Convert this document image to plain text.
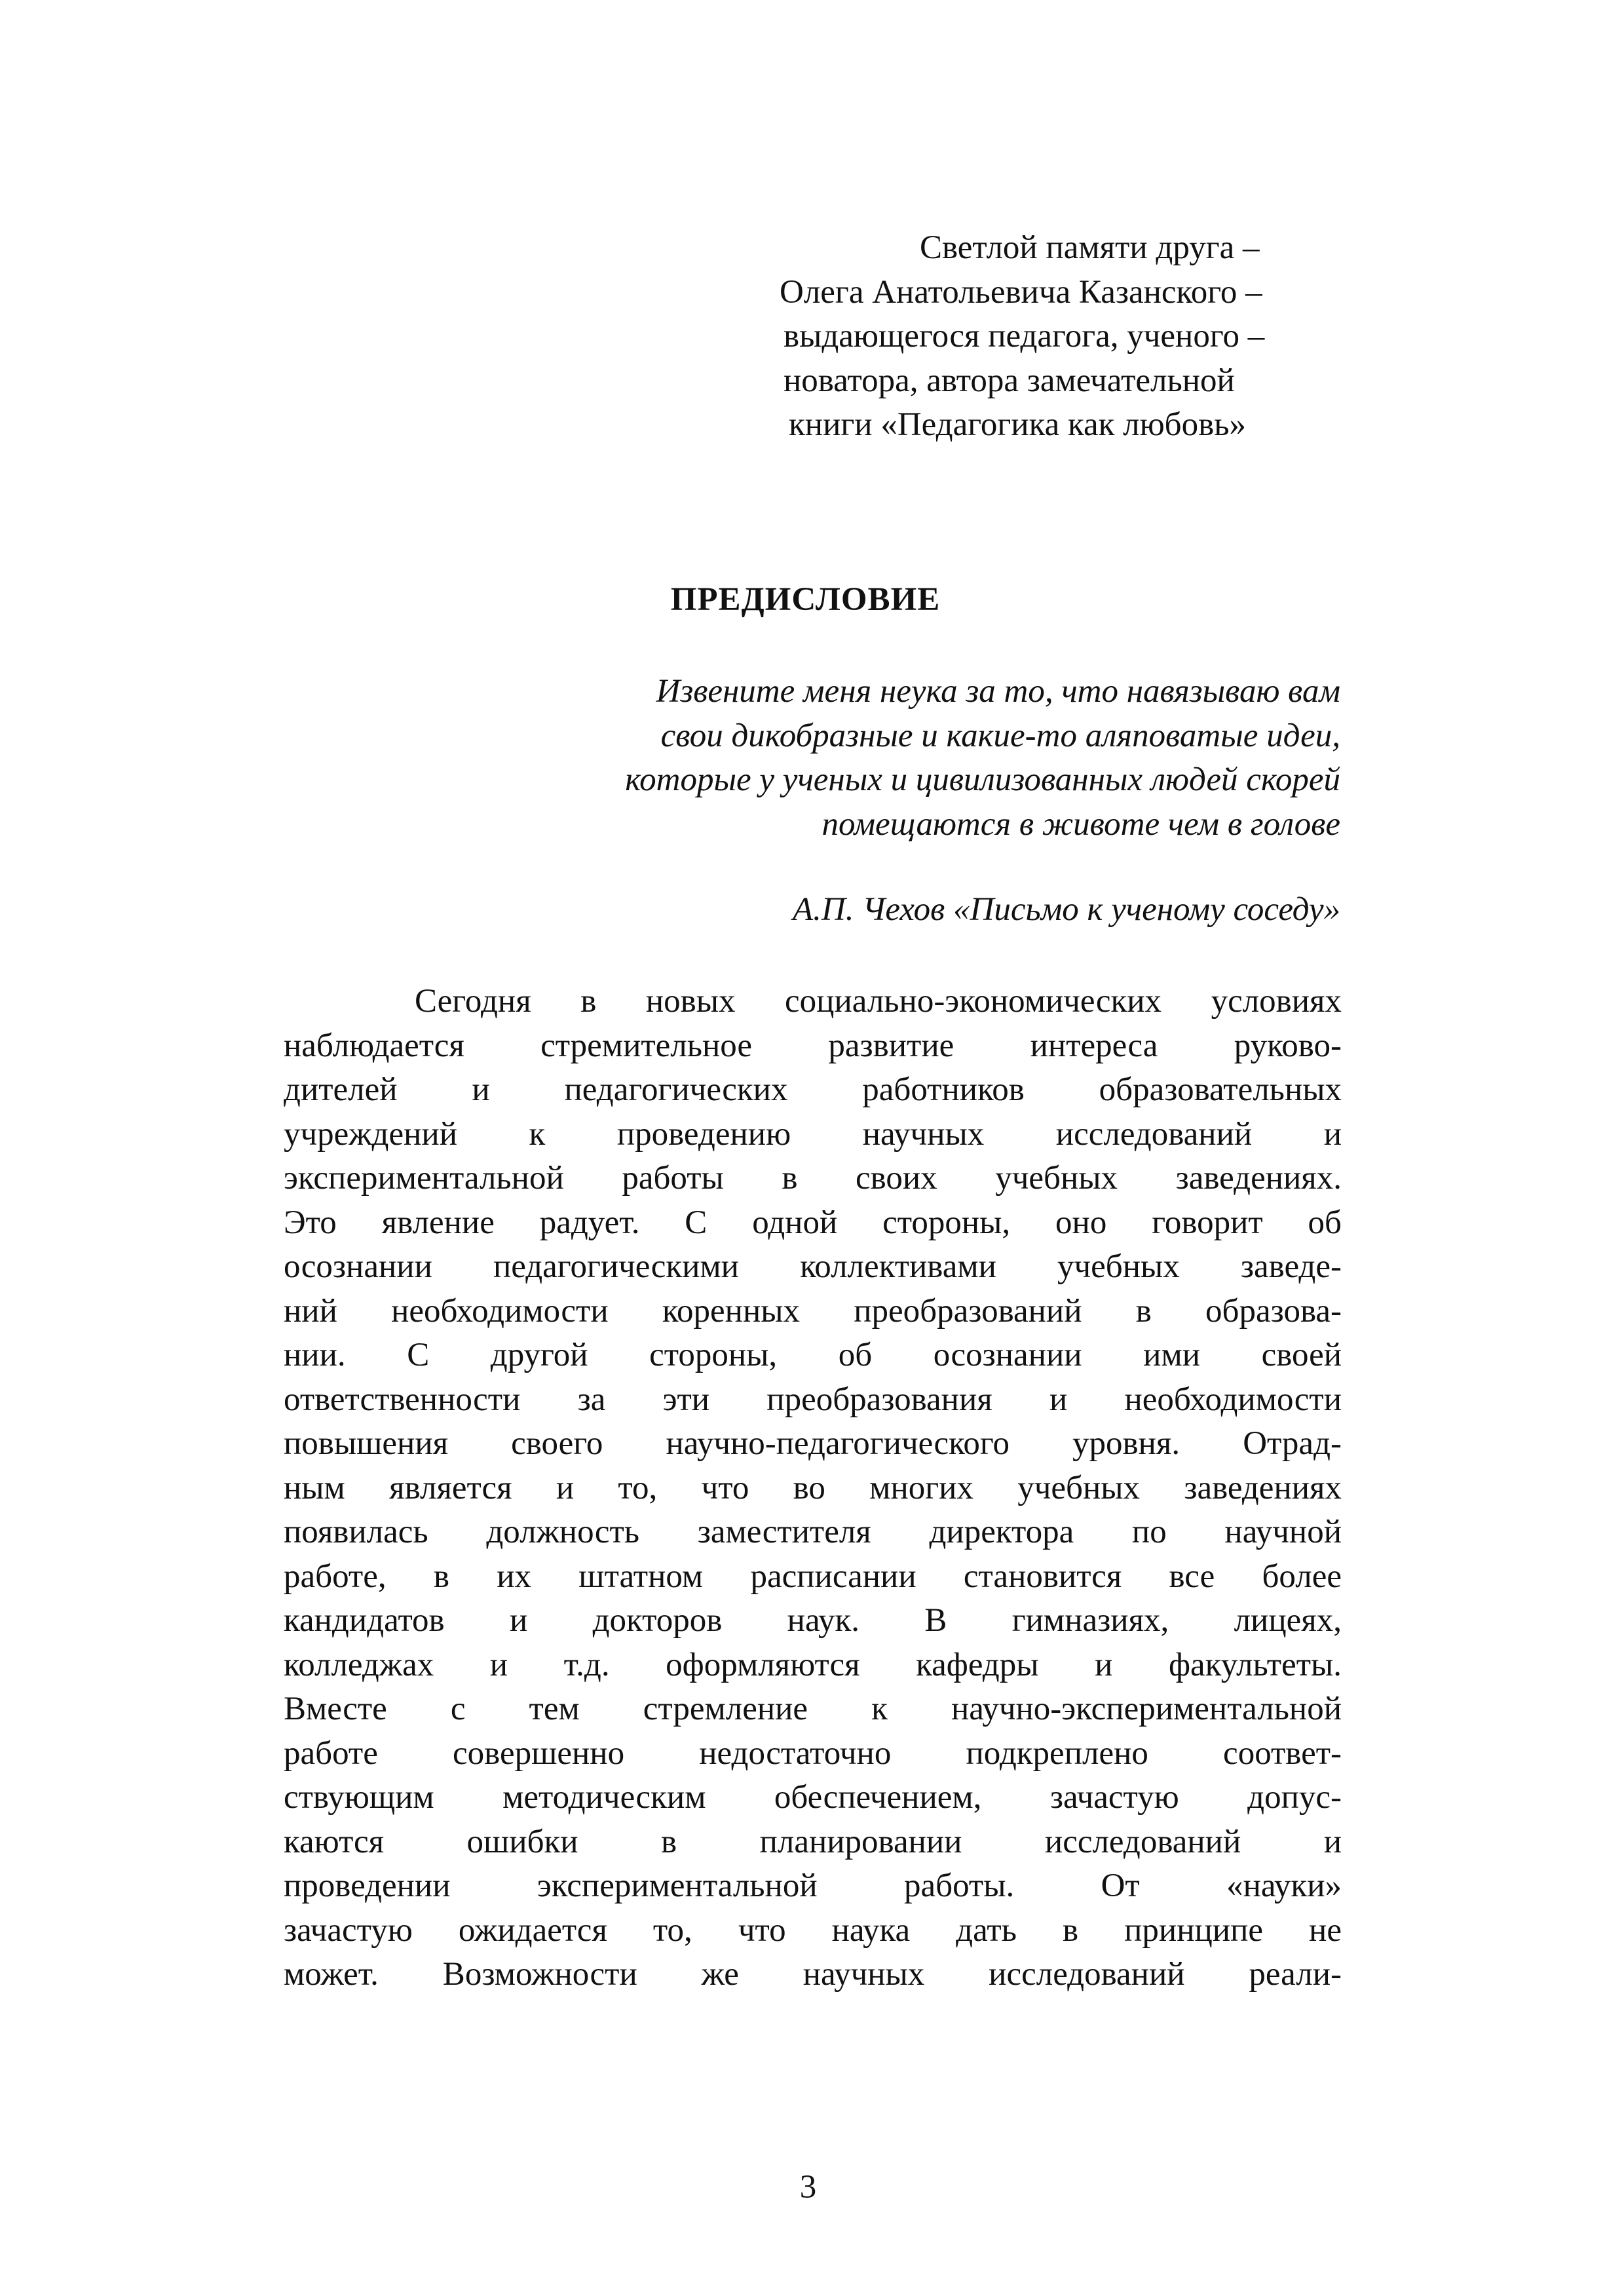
Светлой памяти друга –
Олега Анатольевича Казанского –
выдающегося педагога, ученого –
новатора, автора замечательной
книги «Педагогика как любовь»
ПРЕДИСЛОВИЕ
Извените меня неука за то, что навязываю вам
свои дикобразные и какие-то аляповатые идеи,
которые у ученых и цивилизованных людей скорей
помещаются в животе чем в голове
А.П. Чехов «Письмо к ученому соседу»
Сегодня в новых социально-экономических условиях
наблюдается стремительное развитие интереса руково-
дителей и педагогических работников образовательных
учреждений к проведению научных исследований и
экспериментальной работы в своих учебных заведениях.
Это явление радует. С одной стороны, оно говорит об
осознании педагогическими коллективами учебных заведе-
ний необходимости коренных преобразований в образова-
нии. С другой стороны, об осознании ими своей
ответственности за эти преобразования и необходимости
повышения своего научно-педагогического уровня. Отрад-
ным является и то, что во многих учебных заведениях
появилась должность заместителя директора по научной
работе, в их штатном расписании становится все более
кандидатов и докторов наук. В гимназиях, лицеях,
колледжах и т.д. оформляются кафедры и факультеты.
Вместе с тем стремление к научно-экспериментальной
работе совершенно недостаточно подкреплено соответ-
ствующим методическим обеспечением, зачастую допус-
каются ошибки в планировании исследований и
проведении экспериментальной работы. От «науки»
зачастую ожидается то, что наука дать в принципе не
может. Возможности же научных исследований реали-
3
